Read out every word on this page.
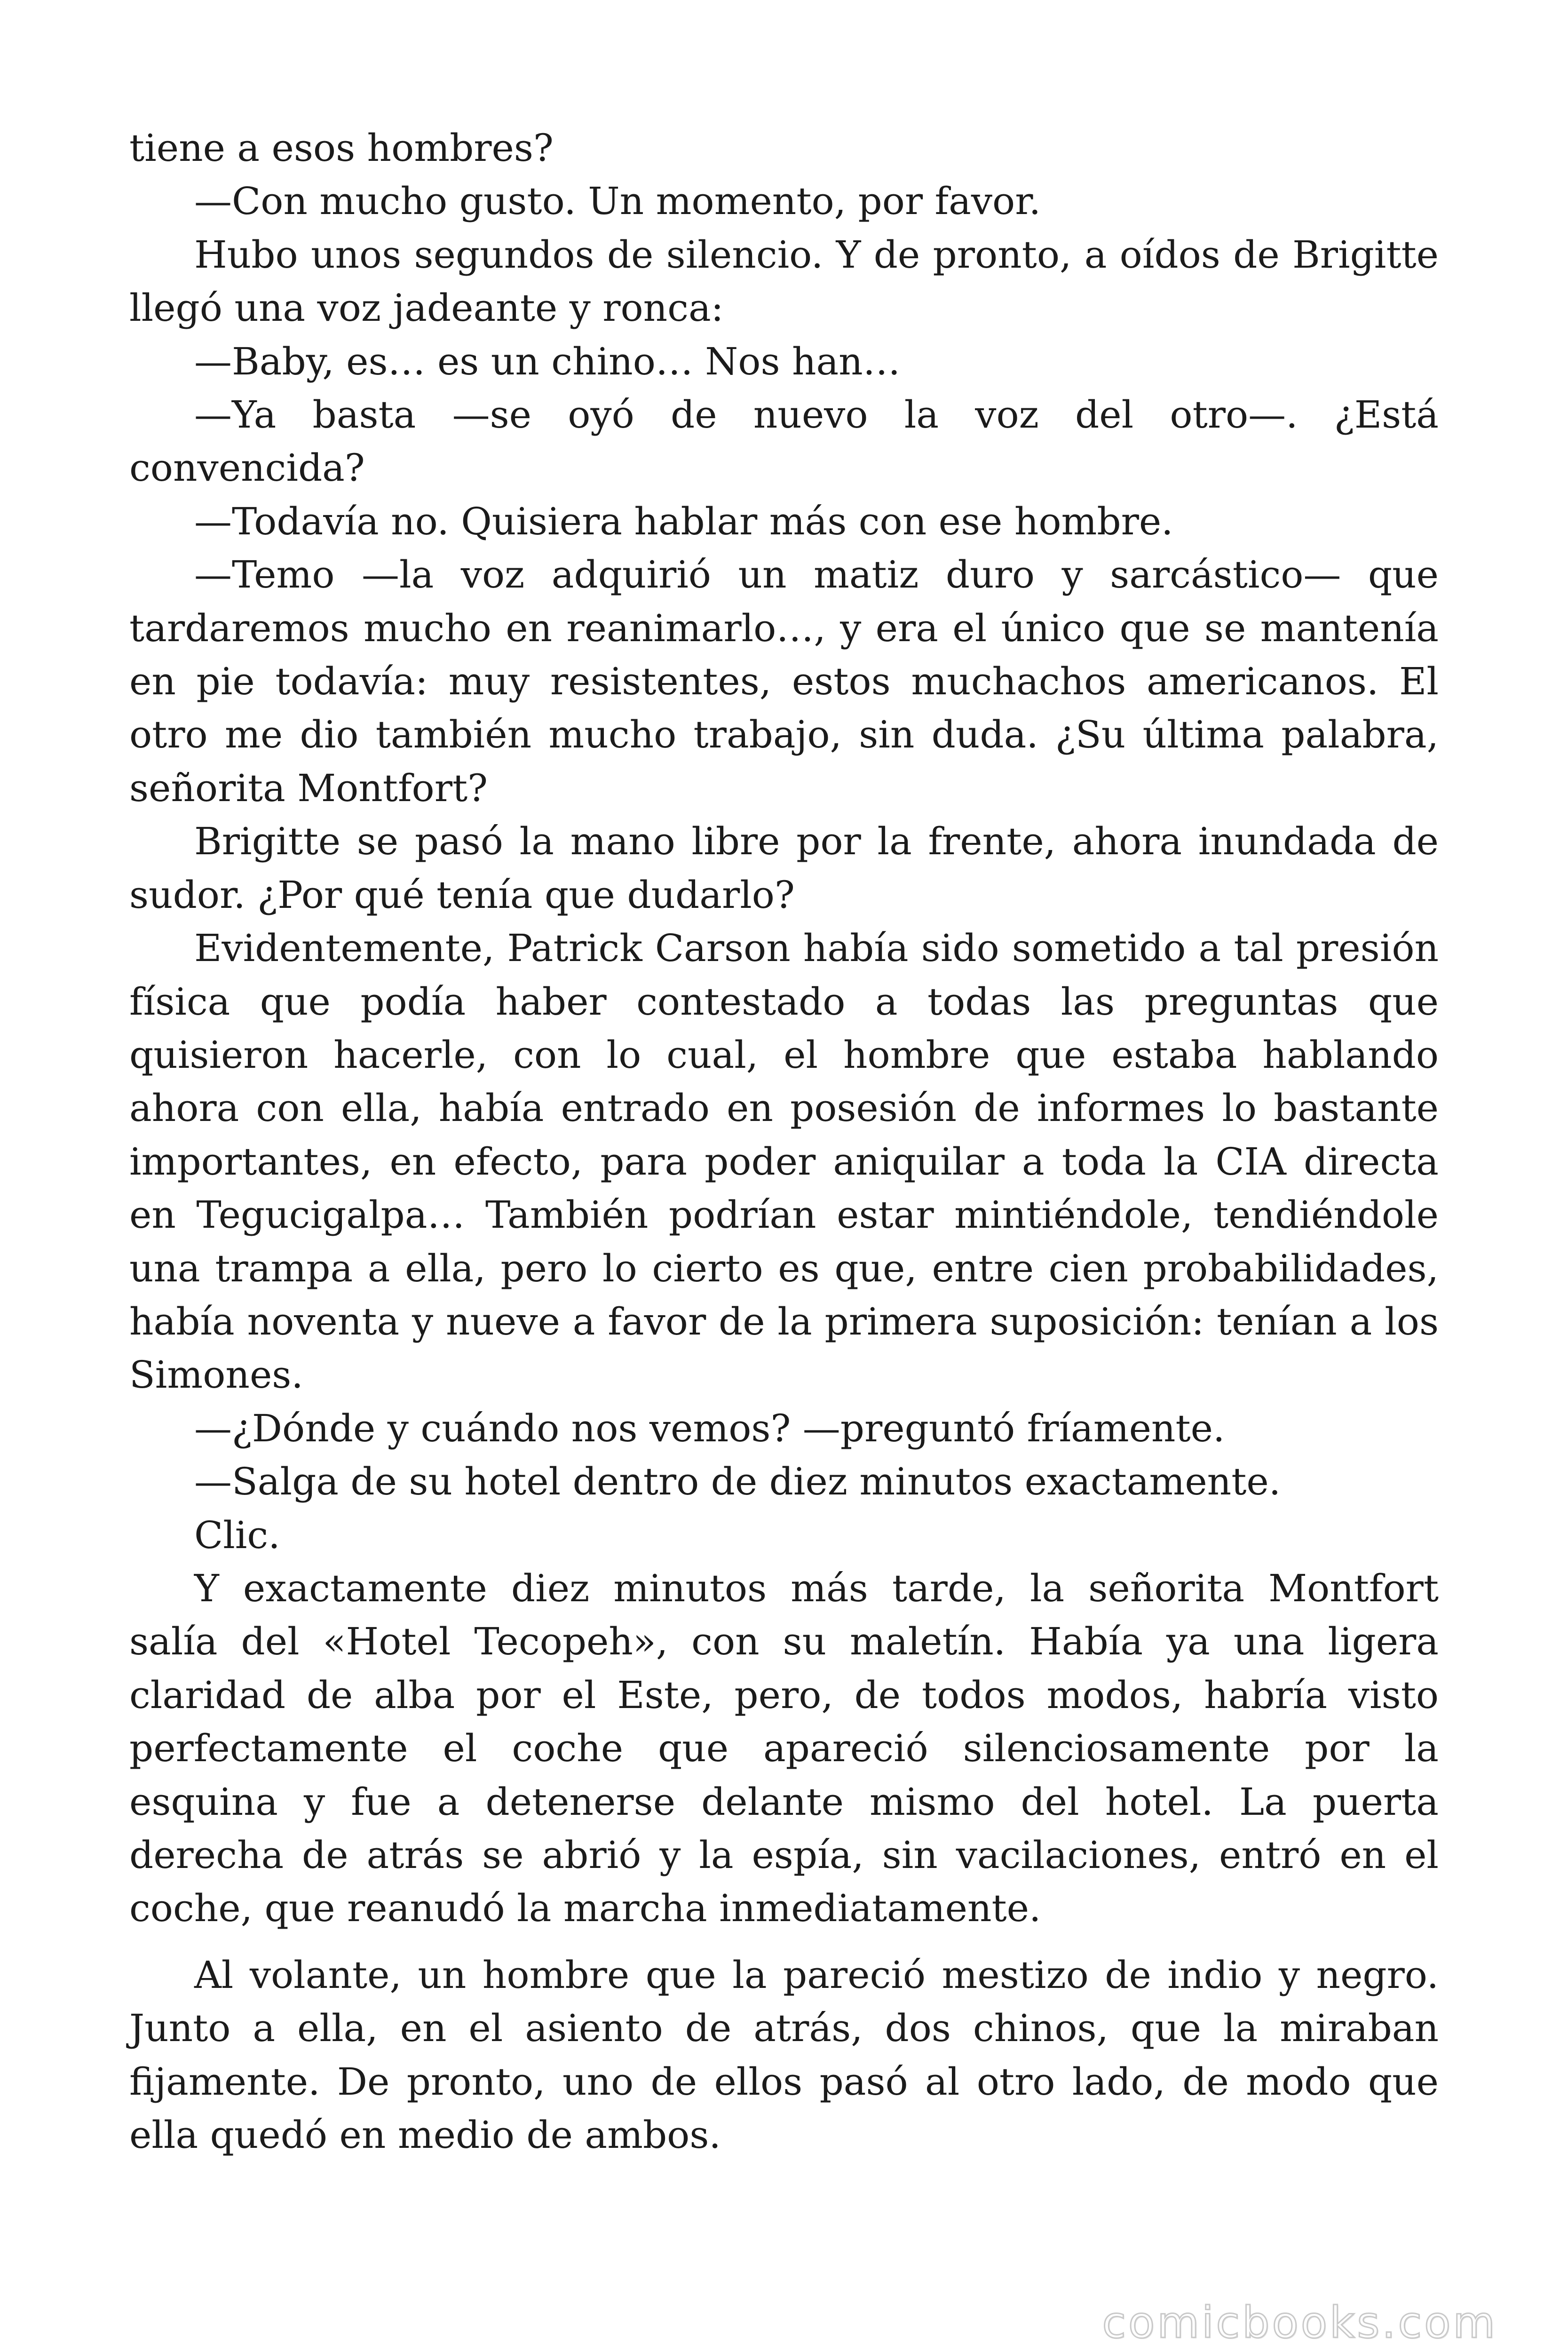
tiene a esos hombres?

—Con mucho gusto. Un momento, por favor.

Hubo unos segundos de silencio. Y de pronto, a oídos de Brigitte llegó una voz jadeante y ronca:

—Baby, es… es un chino… Nos han…

—Ya basta —se oyó de nuevo la voz del otro—. ¿Está convencida?

—Todavía no. Quisiera hablar más con ese hombre.

—Temo —la voz adquirió un matiz duro y sarcástico— que tardaremos mucho en reanimarlo…, y era el único que se mantenía en pie todavía: muy resistentes, estos muchachos americanos. El otro me dio también mucho trabajo, sin duda. ¿Su última palabra, señorita Montfort?

Brigitte se pasó la mano libre por la frente, ahora inundada de sudor. ¿Por qué tenía que dudarlo?

Evidentemente, Patrick Carson había sido sometido a tal presión física que podía haber contestado a todas las preguntas que quisieron hacerle, con lo cual, el hombre que estaba hablando ahora con ella, había entrado en posesión de informes lo bastante importantes, en efecto, para poder aniquilar a toda la CIA directa en Tegucigalpa… También podrían estar mintiéndole, tendiéndole una trampa a ella, pero lo cierto es que, entre cien probabilidades, había noventa y nueve a favor de la primera suposición: tenían a los Simones.

—¿Dónde y cuándo nos vemos? —preguntó fríamente.

—Salga de su hotel dentro de diez minutos exactamente.

Clic.

Y exactamente diez minutos más tarde, la señorita Montfort salía del «Hotel Tecopeh», con su maletín. Había ya una ligera claridad de alba por el Este, pero, de todos modos, habría visto perfectamente el coche que apareció silenciosamente por la esquina y fue a detenerse delante mismo del hotel. La puerta derecha de atrás se abrió y la espía, sin vacilaciones, entró en el coche, que reanudó la marcha inmediatamente.

Al volante, un hombre que la pareció mestizo de indio y negro. Junto a ella, en el asiento de atrás, dos chinos, que la miraban fijamente. De pronto, uno de ellos pasó al otro lado, de modo que ella quedó en medio de ambos.

comicbooks.com
